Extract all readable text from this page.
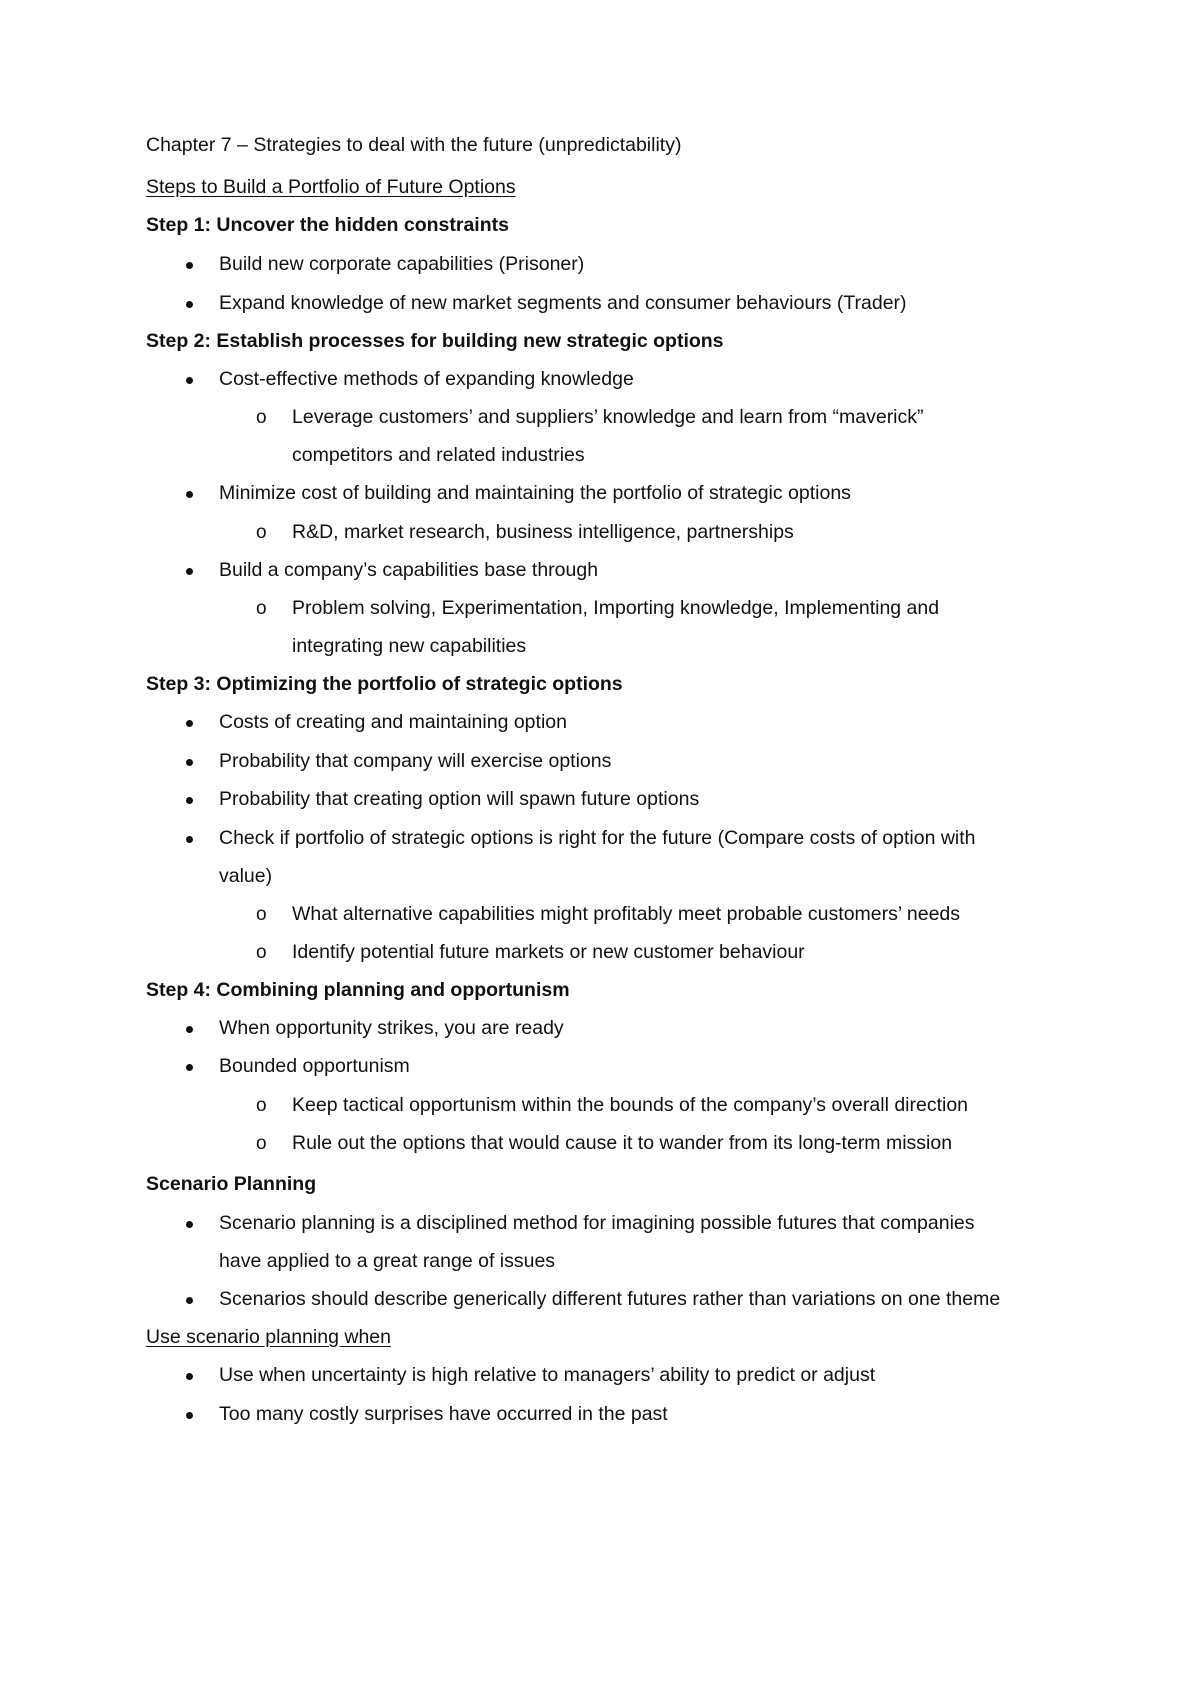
Chapter 7 – Strategies to deal with the future (unpredictability)
Steps to Build a Portfolio of Future Options
Step 1: Uncover the hidden constraints
Build new corporate capabilities (Prisoner)
Expand knowledge of new market segments and consumer behaviours (Trader)
Step 2: Establish processes for building new strategic options
Cost-effective methods of expanding knowledge
o Leverage customers’ and suppliers’ knowledge and learn from “maverick”
competitors and related industries
Minimize cost of building and maintaining the portfolio of strategic options
o R&D, market research, business intelligence, partnerships
Build a company’s capabilities base through
o Problem solving, Experimentation, Importing knowledge, Implementing and
integrating new capabilities
Step 3: Optimizing the portfolio of strategic options
Costs of creating and maintaining option
Probability that company will exercise options
Probability that creating option will spawn future options
Check if portfolio of strategic options is right for the future (Compare costs of option with
value)
o What alternative capabilities might profitably meet probable customers’ needs
o Identify potential future markets or new customer behaviour
Step 4: Combining planning and opportunism
When opportunity strikes, you are ready
Bounded opportunism
o Keep tactical opportunism within the bounds of the company’s overall direction
o Rule out the options that would cause it to wander from its long-term mission
Scenario Planning
Scenario planning is a disciplined method for imagining possible futures that companies
have applied to a great range of issues
Scenarios should describe generically different futures rather than variations on one theme
Use scenario planning when
Use when uncertainty is high relative to managers’ ability to predict or adjust
Too many costly surprises have occurred in the past
